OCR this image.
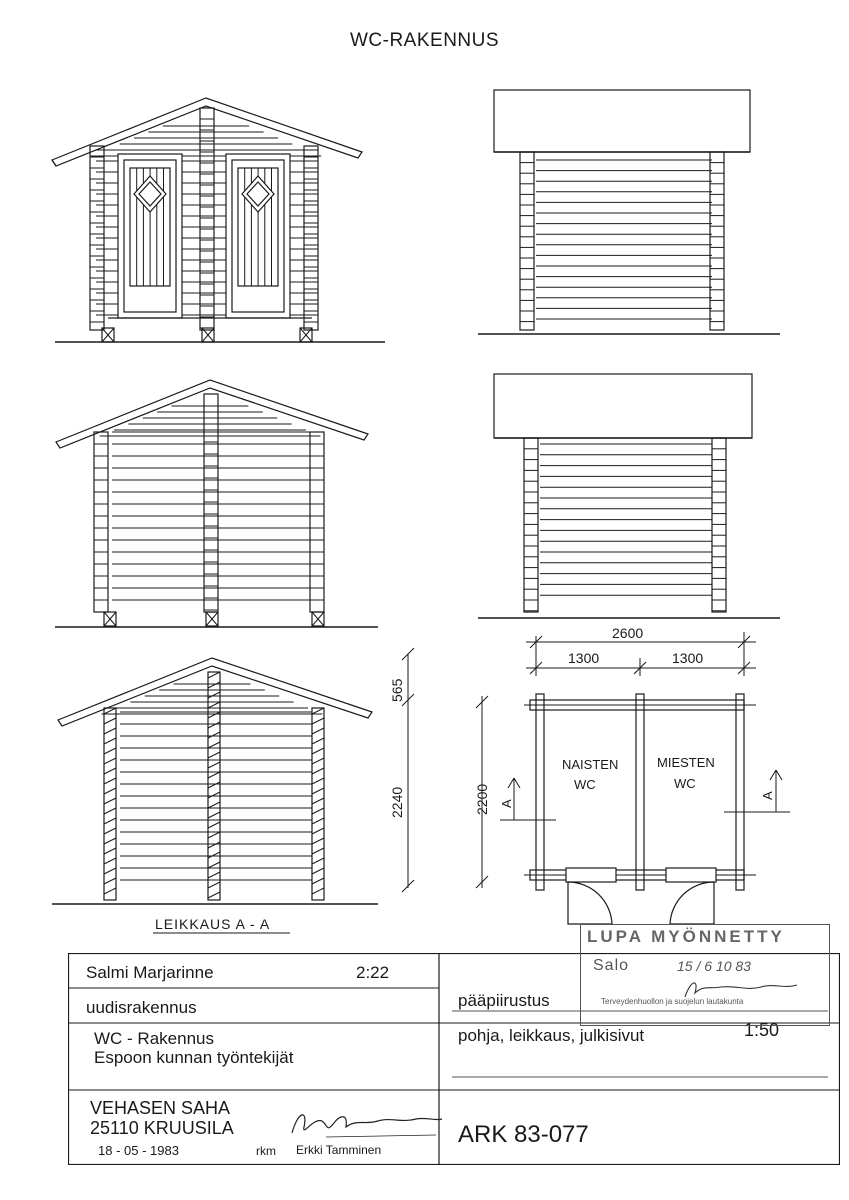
WC-RAKENNUS
2600
1300	1300
565
2240	2200
NAISTEN
WC
MIESTEN
WC
A
A
LEIKKAUS A - A
Salmi Marjarinne	2:22
uudisrakennus	pääpiirustus
WC - Rakennus
Espoon kunnan työntekijät
pohja, leikkaus, julkisivut	1:50
VEHASEN SAHA
25110 KRUUSILA
18 - 05 - 1983	rkm Erkki Tamminen
ARK 83-077
LUPA MYÖNNETTY
Salo	15 / 6 10 83
Terveydenhuollon ja suojelun lautakunta
